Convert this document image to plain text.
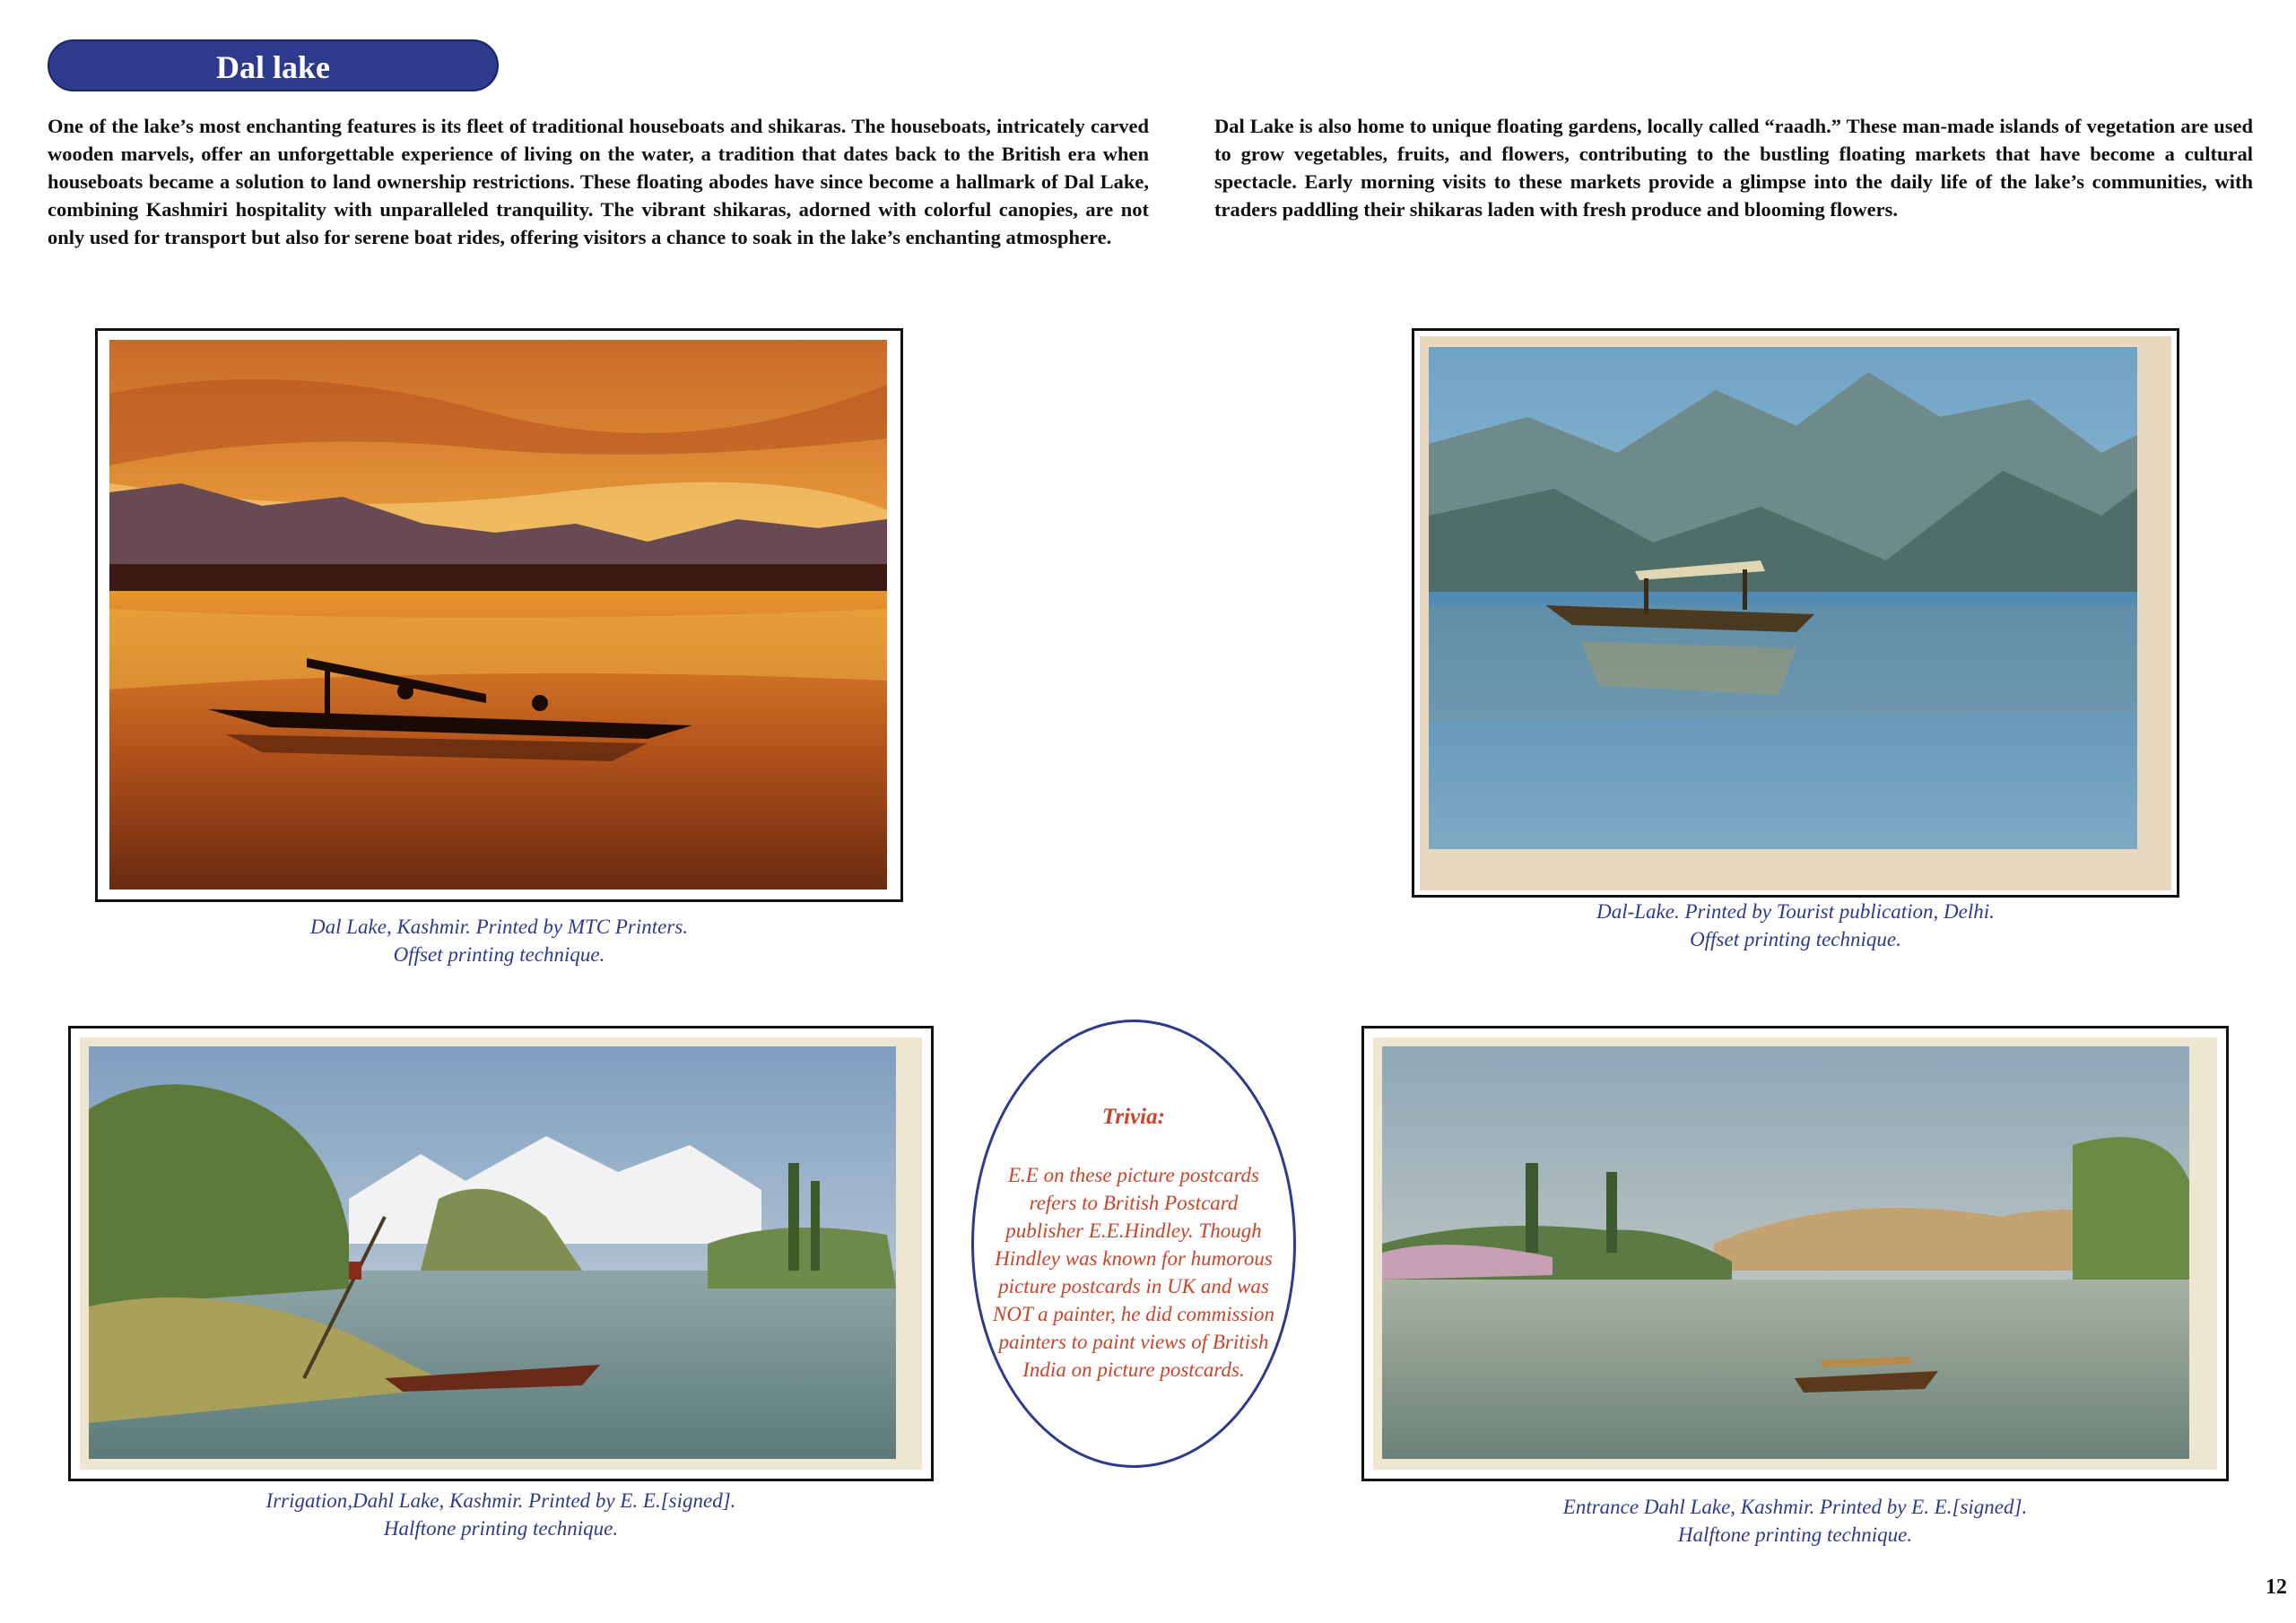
Dal lake

One of the lake’s most enchanting features is its fleet of traditional houseboats and shikaras. The houseboats, intricately carved wooden marvels, offer an unforgettable experience of living on the water, a tradition that dates back to the British era when houseboats became a solution to land ownership restrictions. These floating abodes have since become a hallmark of Dal Lake, combining Kashmiri hospitality with unparalleled tranquility. The vibrant shikaras, adorned with colorful canopies, are not only used for transport but also for serene boat rides, offering visitors a chance to soak in the lake’s enchanting atmosphere.

Dal Lake is also home to unique floating gardens, locally called “raadh.” These man-made islands of vegetation are used to grow vegetables, fruits, and flowers, contributing to the bustling floating markets that have become a cultural spectacle. Early morning visits to these markets provide a glimpse into the daily life of the lake’s communities, with traders paddling their shikaras laden with fresh produce and blooming flowers.

Dal Lake, Kashmir. Printed by MTC Printers.
Offset printing technique.
Dal-Lake. Printed by Tourist publication, Delhi.
Offset printing technique.
Irrigation,Dahl Lake, Kashmir. Printed by E. E.[signed].
Halftone printing technique.
Trivia:
E.E on these picture postcards
refers to British Postcard
publisher E.E.Hindley. Though
Hindley was known for humorous
picture postcards in UK and was
NOT a painter, he did commission
painters to paint views of British
India on picture postcards.
Entrance Dahl Lake, Kashmir. Printed by E. E.[signed].
Halftone printing technique.
12
